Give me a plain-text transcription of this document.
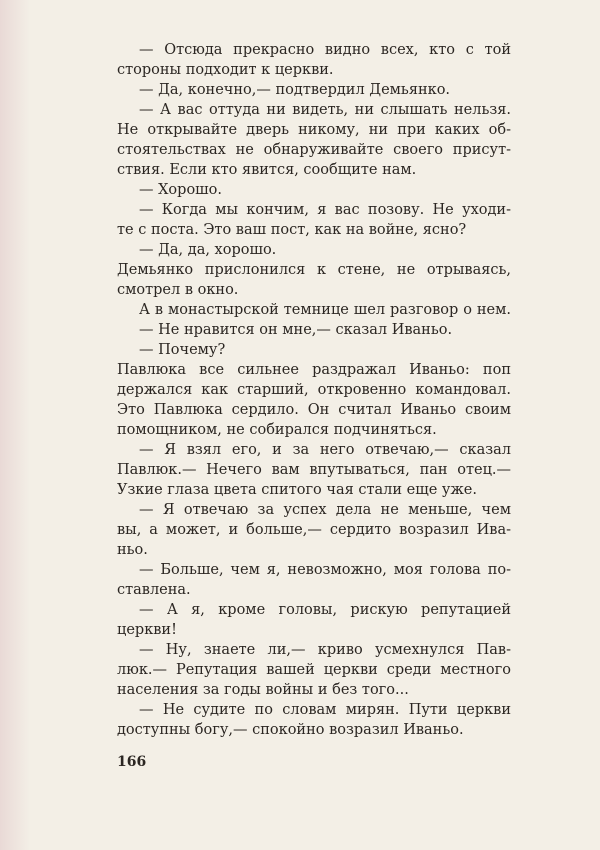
— Отсюда прекрасно видно всех, кто с той
стороны подходит к церкви.
— Да, конечно,— подтвердил Демьянко.
— А вас оттуда ни видеть, ни слышать нельзя.
Не открывайте дверь никому, ни при каких об-
стоятельствах не обнаруживайте своего присут-
ствия. Если кто явится, сообщите нам.
— Хорошо.
— Когда мы кончим, я вас позову. Не уходи-
те с поста. Это ваш пост, как на войне, ясно?
— Да, да, хорошо.
Демьянко прислонился к стене, не отрываясь,
смотрел в окно.
А в монастырской темнице шел разговор о нем.
— Не нравится он мне,— сказал Иваньо.
— Почему?
Павлюка все сильнее раздражал Иваньо: поп
держался как старший, откровенно командовал.
Это Павлюка сердило. Он считал Иваньо своим
помощником, не собирался подчиняться.
— Я взял его, и за него отвечаю,— сказал
Павлюк.— Нечего вам впутываться, пан отец.—
Узкие глаза цвета спитого чая стали еще уже.
— Я отвечаю за успех дела не меньше, чем
вы, а может, и больше,— сердито возразил Ива-
ньо.
— Больше, чем я, невозможно, моя голова по-
ставлена.
— А я, кроме головы, рискую репутацией
церкви!
— Ну, знаете ли,— криво усмехнулся Пав-
люк.— Репутация вашей церкви среди местного
населения за годы войны и без того...
— Не судите по словам мирян. Пути церкви
доступны богу,— спокойно возразил Иваньо.
166
